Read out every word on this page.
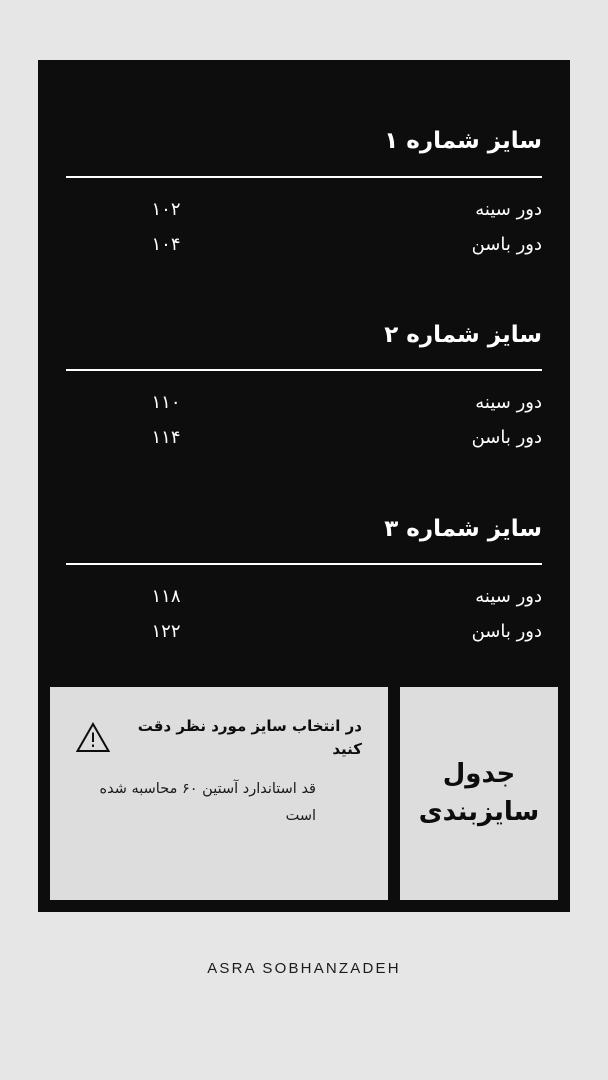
سایز شماره ۱
دور سینه
۱۰۲
دور باسن
۱۰۴
سایز شماره ۲
دور سینه
۱۱۰
دور باسن
۱۱۴
سایز شماره ۳
دور سینه
۱۱۸
دور باسن
۱۲۲
جدول
سایزبندی
در انتخاب سایز مورد نظر دقت کنید
قد استاندارد آستین ۶۰ محاسبه شده است
ASRA SOBHANZADEH
